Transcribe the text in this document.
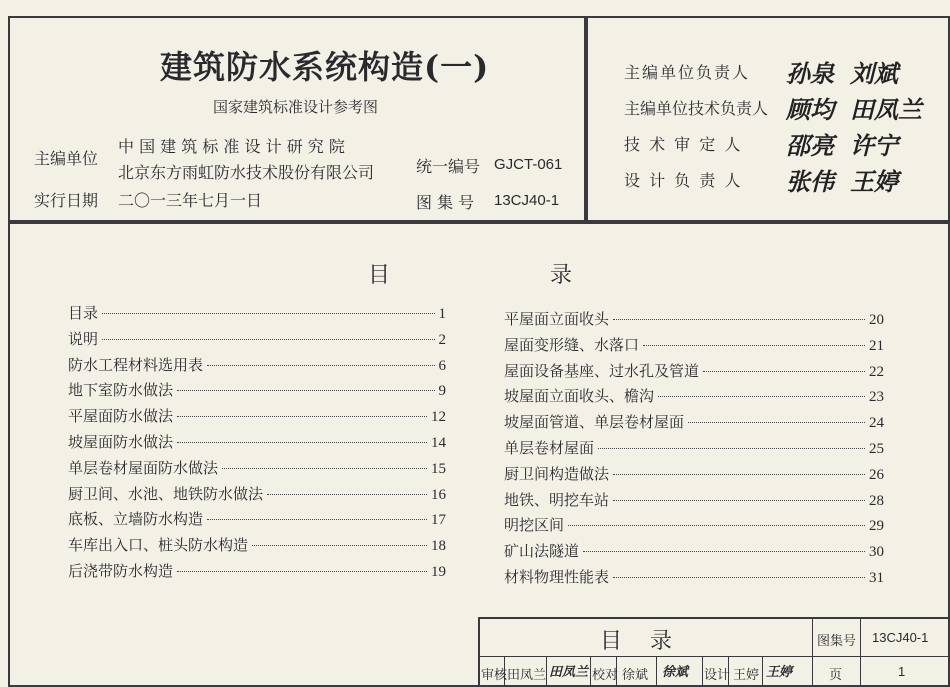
建筑防水系统构造(一)
国家建筑标准设计参考图
主编单位
中 国 建 筑 标 准 设 计 研 究 院
北京东方雨虹防水技术股份有限公司
实行日期 二〇一三年七月一日
统一编号 GJCT-061
图 集 号 13CJ40-1
主编单位负责人 孙泉 刘斌
主编单位技术负责人 顾均 田凤兰
技 术 审 定 人 邵亮 许宁
设 计 负 责 人 张伟 王婷
目	录
目录	1
说明	2
防水工程材料选用表	6
地下室防水做法	9
平屋面防水做法	12
坡屋面防水做法	14
单层卷材屋面防水做法	15
厨卫间、水池、地铁防水做法	16
底板、立墙防水构造	17
车库出入口、桩头防水构造	18
后浇带防水构造	19
平屋面立面收头	20
屋面变形缝、水落口	21
屋面设备基座、过水孔及管道	22
坡屋面立面收头、檐沟	23
坡屋面管道、单层卷材屋面	24
单层卷材屋面	25
厨卫间构造做法	26
地铁、明挖车站	28
明挖区间	29
矿山法隧道	30
材料物理性能表	31
目录	图集号 13CJ40-1
审核 田凤兰 田凤兰 校对 徐斌 徐斌 设计 王婷 王婷	页	1
